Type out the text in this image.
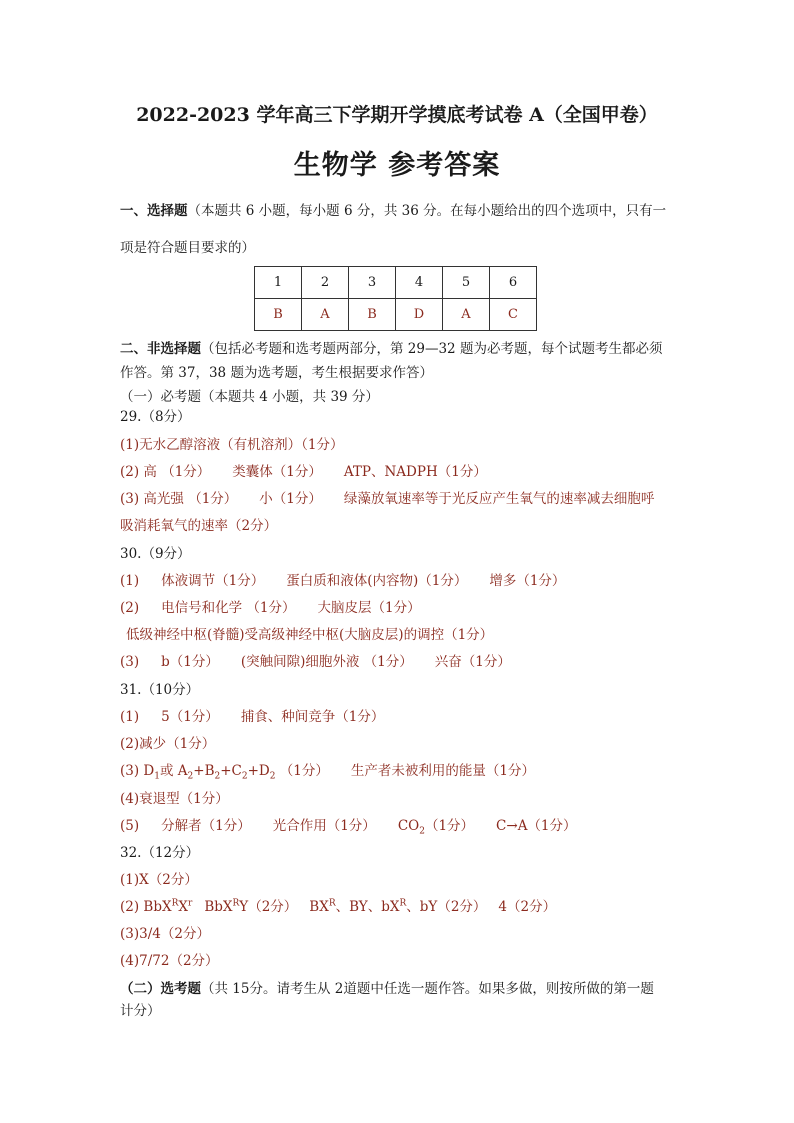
2022-2023 学年高三下学期开学摸底考试卷 A（全国甲卷）
生物学 参考答案
一、选择题（本题共 6 小题，每小题 6 分，共 36 分。在每小题给出的四个选项中，只有一
项是符合题目要求的）
1	2	3	4	5	6
B	A	B	D	A	C
二、非选择题（包括必考题和选考题两部分，第 29—32 题为必考题，每个试题考生都必须
作答。第 37，38 题为选考题，考生根据要求作答）
（一）必考题（本题共 4 小题，共 39 分）
29.（8分）
(1)无水乙醇溶液（有机溶剂）（1分）
(2) 高 （1分） 类囊体（1分） ATP、NADPH（1分）
(3) 高光强 （1分） 小（1分） 绿藻放氧速率等于光反应产生氧气的速率减去细胞呼
吸消耗氧气的速率（2分）
30.（9分）
(1) 体液调节（1分） 蛋白质和液体(内容物)（1分） 增多（1分）
(2) 电信号和化学 （1分） 大脑皮层（1分）
低级神经中枢(脊髓)受高级神经中枢(大脑皮层)的调控（1分）
(3) b（1分） (突触间隙)细胞外液 （1分） 兴奋（1分）
31.（10分）
(1) 5（1分） 捕食、种间竞争（1分）
(2)减少（1分）
(3) $D_1$或 $A_2+B_2+C_2+D_2$ （1分） 生产者未被利用的能量（1分）
(4)衰退型（1分）
(5) 分解者（1分） 光合作用（1分） $CO_2(1$分） C→A（1分）
32.（12分）
(1)X（2分）
(2) $BbX^RX^r$ BbX$^R$Y（2分） $BX^R$、BY、$bX^R$、bY（2分） 4（2分）
(3)3/4（2分）
(4)7/72（2分）
（二）选考题（共 15分。请考生从 2道题中任选一题作答。如果多做，则按所做的第一题
计分）
